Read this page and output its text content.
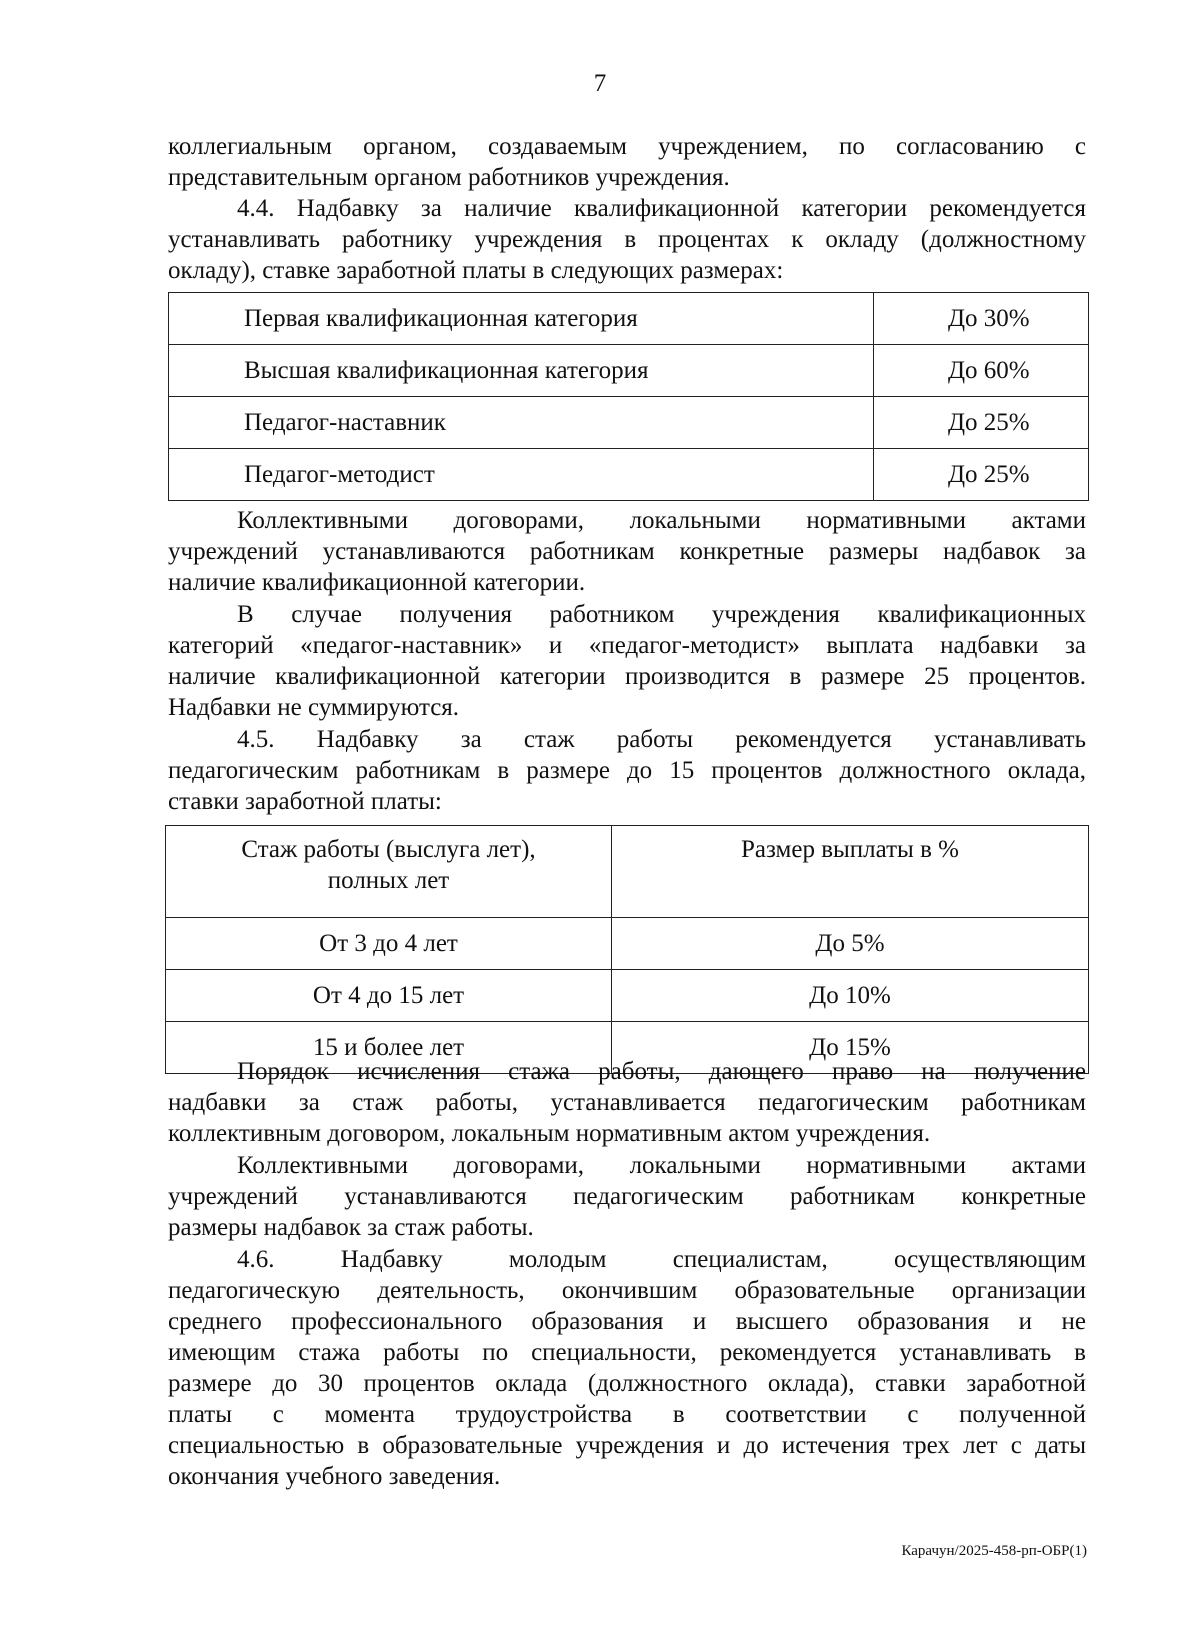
7

коллегиальным органом, создаваемым учреждением, по согласованию с

представительным органом работников учреждения.

4.4. Надбавку за наличие квалификационной категории рекомендуется

устанавливать работнику учреждения в процентах к окладу (должностному

окладу), ставке заработной платы в следующих размерах:

Первая квалификационная категория	До 30%
Высшая квалификационная категория	До 60%
Педагог-наставник	До 25%
Педагог-методист	До 25%

Коллективными договорами, локальными нормативными актами

учреждений устанавливаются работникам конкретные размеры надбавок за

наличие квалификационной категории.

В случае получения работником учреждения квалификационных

категорий «педагог-наставник» и «педагог-методист» выплата надбавки за

наличие квалификационной категории производится в размере 25 процентов.

Надбавки не суммируются.

4.5. Надбавку за стаж работы рекомендуется устанавливать

педагогическим работникам в размере до 15 процентов должностного оклада,

ставки заработной платы:

Стаж работы (выслуга лет),
полных лет	Размер выплаты в %
От 3 до 4 лет	До 5%
От 4 до 15 лет	До 10%
15 и более лет	До 15%

Порядок исчисления стажа работы, дающего право на получение

надбавки за стаж работы, устанавливается педагогическим работникам

коллективным договором, локальным нормативным актом учреждения.

Коллективными договорами, локальными нормативными актами

учреждений устанавливаются педагогическим работникам конкретные

размеры надбавок за стаж работы.

4.6. Надбавку молодым специалистам, осуществляющим

педагогическую деятельность, окончившим образовательные организации

среднего профессионального образования и высшего образования и не

имеющим стажа работы по специальности, рекомендуется устанавливать в

размере до 30 процентов оклада (должностного оклада), ставки заработной

платы с момента трудоустройства в соответствии с полученной

специальностью в образовательные учреждения и до истечения трех лет с даты

окончания учебного заведения.

Карачун/2025-458-рп-ОБР(1)
